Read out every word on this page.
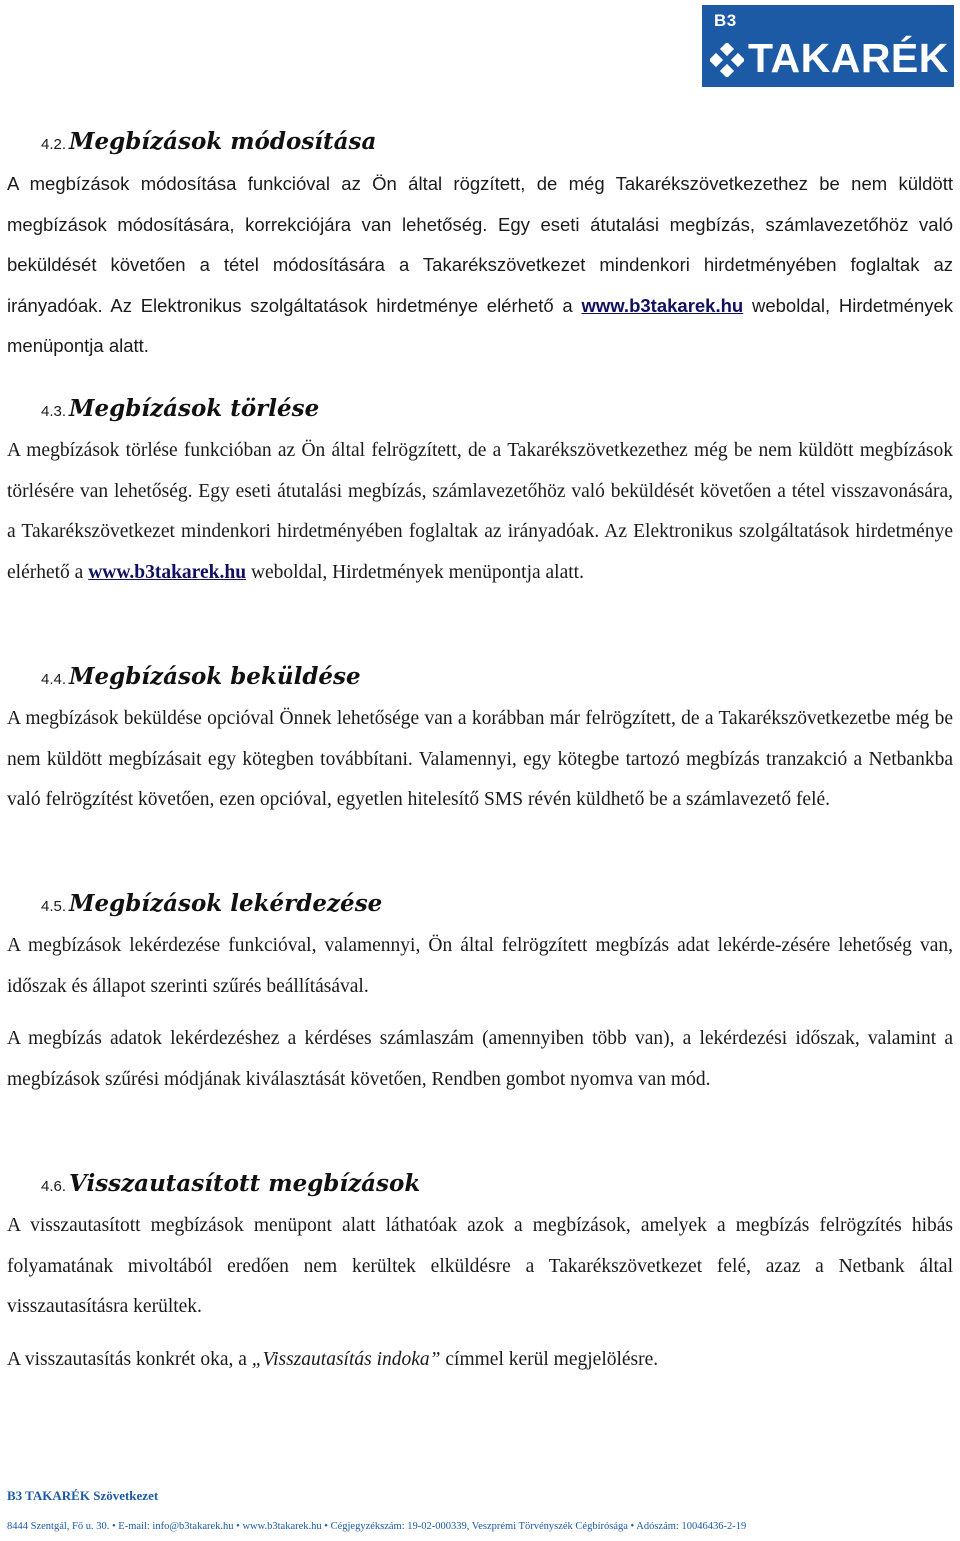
B3
TAKARÉK
4.2. Megbízások módosítása

A megbízások módosítása funkcióval az Ön által rögzített, de még Takarékszövetkezethez be nem küldött megbízások módosítására, korrekciójára van lehetőség. Egy eseti átutalási megbízás, számlavezetőhöz való beküldését követően a tétel módosítására a Takarékszövetkezet mindenkori hirdetményében foglaltak az irányadóak. Az Elektronikus szolgáltatások hirdetménye elérhető a www.b3takarek.hu weboldal, Hirdetmények menüpontja alatt.

4.3. Megbízások törlése

A megbízások törlése funkcióban az Ön által felrögzített, de a Takarékszövetkezethez még be nem küldött megbízások törlésére van lehetőség. Egy eseti átutalási megbízás, számlavezetőhöz való beküldését követően a tétel visszavonására, a Takarékszövetkezet mindenkori hirdetményében foglaltak az irányadóak. Az Elektronikus szolgáltatások hirdetménye elérhető a www.b3takarek.hu weboldal, Hirdetmények menüpontja alatt.

4.4. Megbízások beküldése

A megbízások beküldése opcióval Önnek lehetősége van a korábban már felrögzített, de a Takarékszövetkezetbe még be nem küldött megbízásait egy kötegben továbbítani. Valamennyi, egy kötegbe tartozó megbízás tranzakció a Netbankba való felrögzítést követően, ezen opcióval, egyetlen hitelesítő SMS révén küldhető be a számlavezető felé.

4.5. Megbízások lekérdezése

A megbízások lekérdezése funkcióval, valamennyi, Ön által felrögzített megbízás adat lekérde-zésére lehetőség van, időszak és állapot szerinti szűrés beállításával.

A megbízás adatok lekérdezéshez a kérdéses számlaszám (amennyiben több van), a lekérdezési időszak, valamint a megbízások szűrési módjának kiválasztását követően, Rendben gombot nyomva van mód.

4.6. Visszautasított megbízások

A visszautasított megbízások menüpont alatt láthatóak azok a megbízások, amelyek a megbízás felrögzítés hibás folyamatának mivoltából eredően nem kerültek elküldésre a Takarékszövetkezet felé, azaz a Netbank által visszautasításra kerültek.

A visszautasítás konkrét oka, a „Visszautasítás indoka” címmel kerül megjelölésre.

B3 TAKARÉK Szövetkezet
8444 Szentgál, Fő u. 30. • E-mail: info@b3takarek.hu • www.b3takarek.hu • Cégjegyzékszám: 19-02-000339, Veszprémi Törvényszék Cégbírósága • Adószám: 10046436-2-19
